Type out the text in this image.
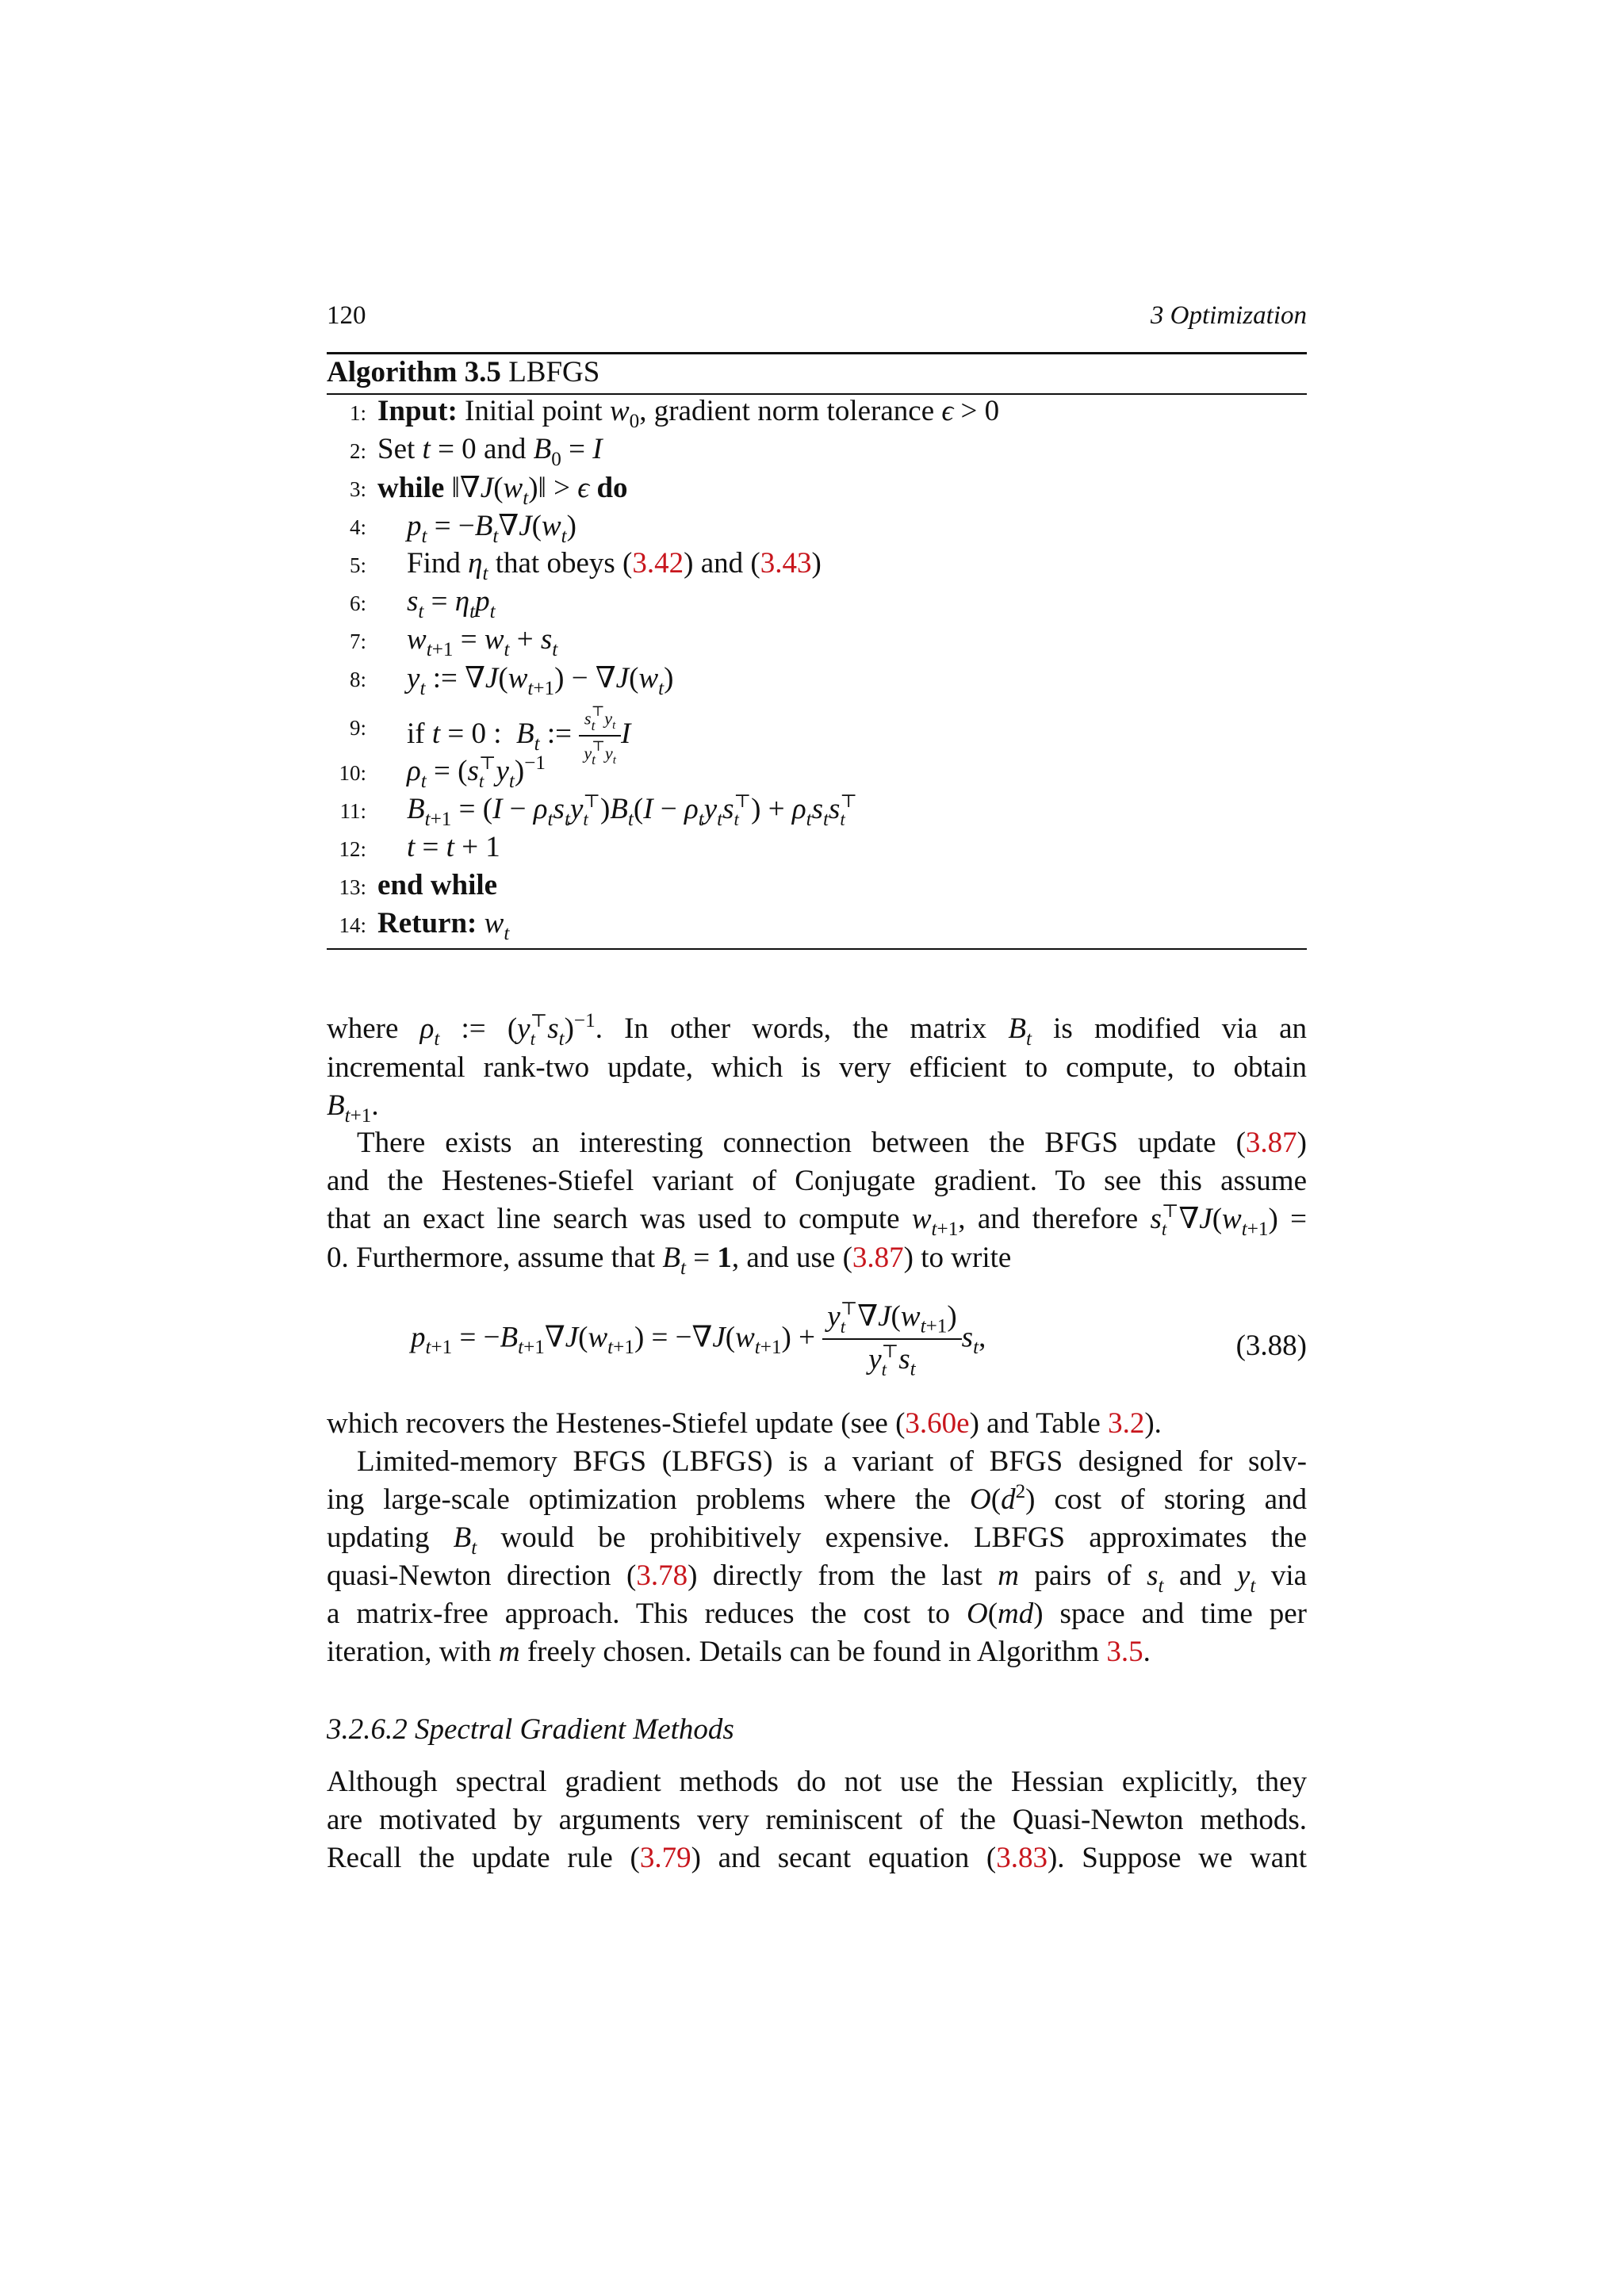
120	3 Optimization
Algorithm 3.5 LBFGS
1: Input: Initial point $w_0$, gradient norm tolerance ϵ > 0
2: Set t = 0 and $B_0 = I$
3: while $‖\nabla J(w_t)‖ > \epsilon$ do
4: $p_t = -B_t\nabla J(w_t)$
5: Find $\eta_t$ that obeys (3.42) and (3.43)
6: $s_t = \eta_tp_t$
7: $w_{t+1} = w_t + s_t$
8: $y_t$ := $\nabla J(w_{t+1}) - \nabla J(w_t)$
9: if t = 0 :  $B_t$ := s ⊤
t $y_t$
y ⊤
t $y_t$ I
10: $\rho_t = (s$ ⊤
t $y_t)^{-1}$
11: $B_{t+1} = (I - \rho_ts_ty$ ⊤
t )$B_t(I - \rho_ty_ts$ ⊤
t ) + $\rho_ts_ts$ ⊤
t
12: t = t + 1
13: end while
14: Return: $w_t$

where $\rho_t$ := (y ⊤
t $s_t)^{-1}$. In other words, the matrix $B_t$ is modified via an

incremental rank-two update, which is very efficient to compute, to obtain

$B_{t+1}$.

There exists an interesting connection between the BFGS update (3.87)

and the Hestenes-Stiefel variant of Conjugate gradient. To see this assume

that an exact line search was used to compute $w_{t+1}$, and therefore s ⊤
t $\nabla J(w_{t+1})$ =

0. Furthermore, assume that $B_t = 1$, and use (3.87) to write

$p_{t+1} = -B_{t+1}\nabla J(w_{t+1}) = -\nabla J(w_{t+1}) + y$ ⊤
t $\nabla J(w_{t+1})$
y ⊤
t $s_t$ $s_t$,	(3.88)

which recovers the Hestenes-Stiefel update (see (3.60e) and Table 3.2).

Limited-memory BFGS (LBFGS) is a variant of BFGS designed for solv-

ing large-scale optimization problems where the $O(d^2)$ cost of storing and

updating $B_t$ would be prohibitively expensive. LBFGS approximates the

quasi-Newton direction (3.78) directly from the last m pairs of $s_t$ and $y_t$ via

a matrix-free approach. This reduces the cost to O(md) space and time per

iteration, with m freely chosen. Details can be found in Algorithm 3.5.

3.2.6.2 Spectral Gradient Methods

Although spectral gradient methods do not use the Hessian explicitly, they

are motivated by arguments very reminiscent of the Quasi-Newton methods.

Recall the update rule (3.79) and secant equation (3.83). Suppose we want
